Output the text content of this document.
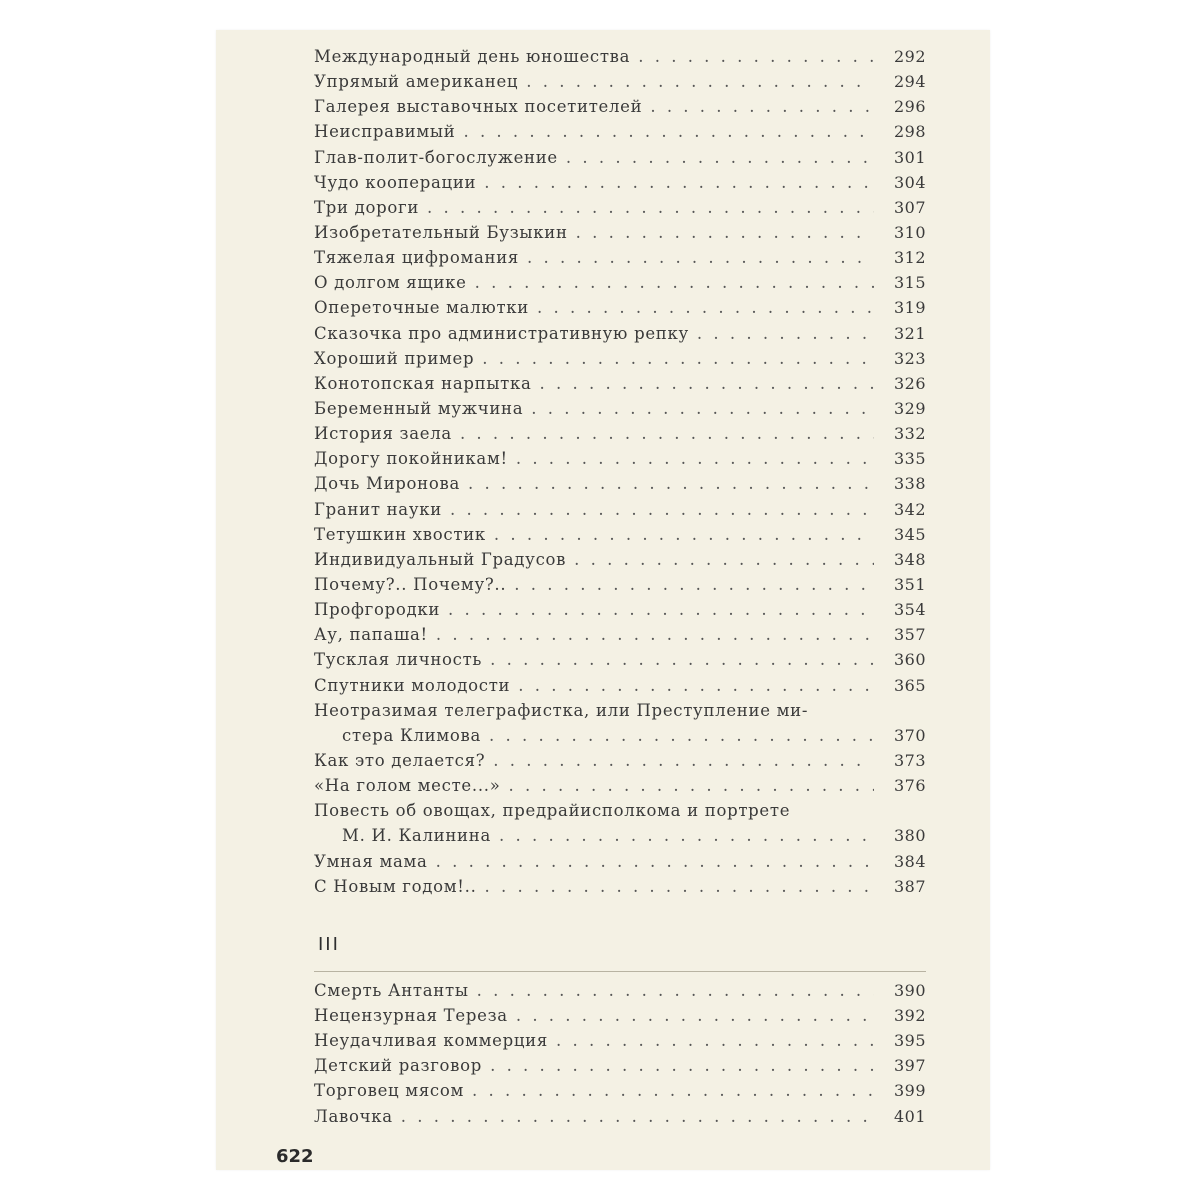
Международный день юношества . . .	292
Упрямый американец . . .	294
Галерея выставочных посетителей . . .	296
Неисправимый . . .	298
Глав-полит-богослужение . . .	301
Чудо кооперации . . .	304
Три дороги . . .	307
Изобретательный Бузыкин . . .	310
Тяжелая цифромания . . .	312
О долгом ящике . . .	315
Опереточные малютки . . .	319
Сказочка про административную репку . . .	321
Хороший пример . . .	323
Конотопская нарпытка . . .	326
Беременный мужчина . . .	329
История заела . . .	332
Дорогу покойникам! . . .	335
Дочь Миронова . . .	338
Гранит науки . . .	342
Тетушкин хвостик . . .	345
Индивидуальный Градусов . . .	348
Почему?.. Почему?.. . . .	351
Профгородки . . .	354
Ау, папаша! . . .	357
Тусклая личность . . .	360
Спутники молодости . . .	365
Неотразимая телеграфистка, или Преступление ми-
стера Климова . . .	370
Как это делается? . . .	373
«На голом месте...» . . .	376
Повесть об овощах, предрайисполкома и портрете
М. И. Калинина . . .	380
Умная мама . . .	384
С Новым годом!.. . . .	387
III
Смерть Антанты . . .	390
Нецензурная Тереза . . .	392
Неудачливая коммерция . . .	395
Детский разговор . . .	397
Торговец мясом . . .	399
Лавочка . . .	401
622
